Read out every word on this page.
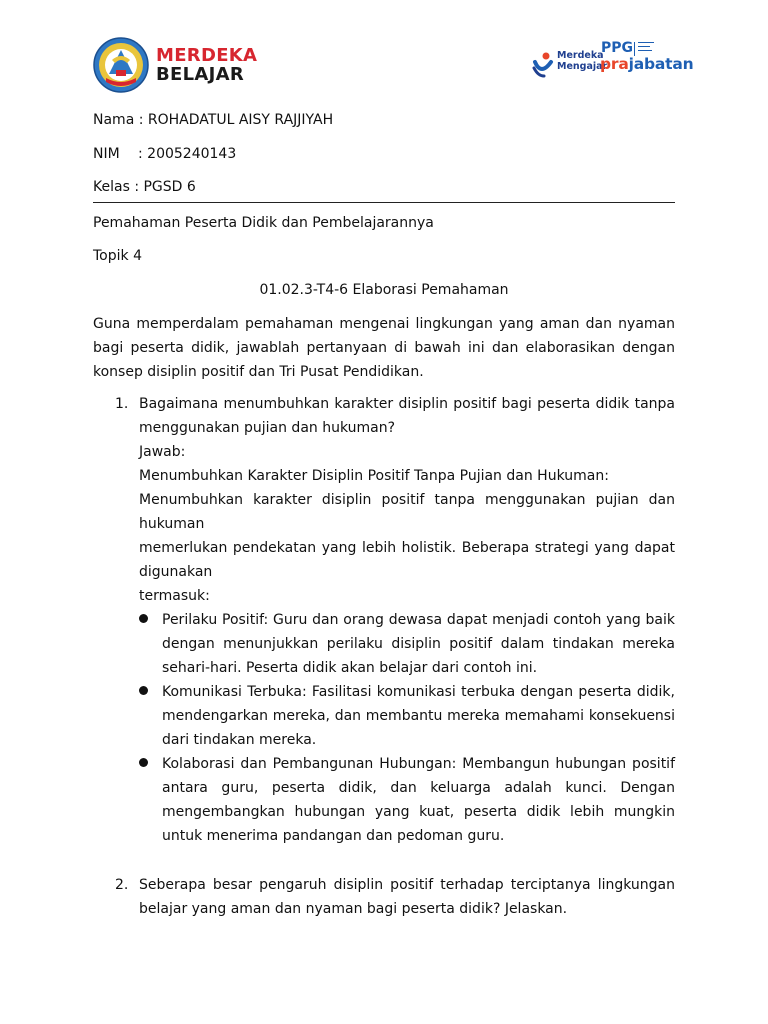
MERDEKA
BELAJAR
Merdeka
Mengajar
PPG
prajabatan
Nama : ROHADATUL AISY RAJJIYAH
NIM	: 2005240143
Kelas : PGSD 6
Pemahaman Peserta Didik dan Pembelajarannya
Topik 4
01.02.3-T4-6 Elaborasi Pemahaman
Guna memperdalam pemahaman mengenai lingkungan yang aman dan nyaman
bagi peserta didik, jawablah pertanyaan di bawah ini dan elaborasikan dengan
konsep disiplin positif dan Tri Pusat Pendidikan.
1. Bagaimana menumbuhkan karakter disiplin positif bagi peserta didik tanpa
menggunakan pujian dan hukuman?
Jawab:
Menumbuhkan Karakter Disiplin Positif Tanpa Pujian dan Hukuman:
Menumbuhkan karakter disiplin positif tanpa menggunakan pujian dan
hukuman
memerlukan pendekatan yang lebih holistik. Beberapa strategi yang dapat
digunakan
termasuk:
Perilaku Positif: Guru dan orang dewasa dapat menjadi contoh yang baik
dengan menunjukkan perilaku disiplin positif dalam tindakan mereka
sehari-hari. Peserta didik akan belajar dari contoh ini.
Komunikasi Terbuka: Fasilitasi komunikasi terbuka dengan peserta didik,
mendengarkan mereka, dan membantu mereka memahami konsekuensi
dari tindakan mereka.
Kolaborasi dan Pembangunan Hubungan: Membangun hubungan positif
antara guru, peserta didik, dan keluarga adalah kunci. Dengan
mengembangkan hubungan yang kuat, peserta didik lebih mungkin
untuk menerima pandangan dan pedoman guru.
2. Seberapa besar pengaruh disiplin positif terhadap terciptanya lingkungan
belajar yang aman dan nyaman bagi peserta didik? Jelaskan.
